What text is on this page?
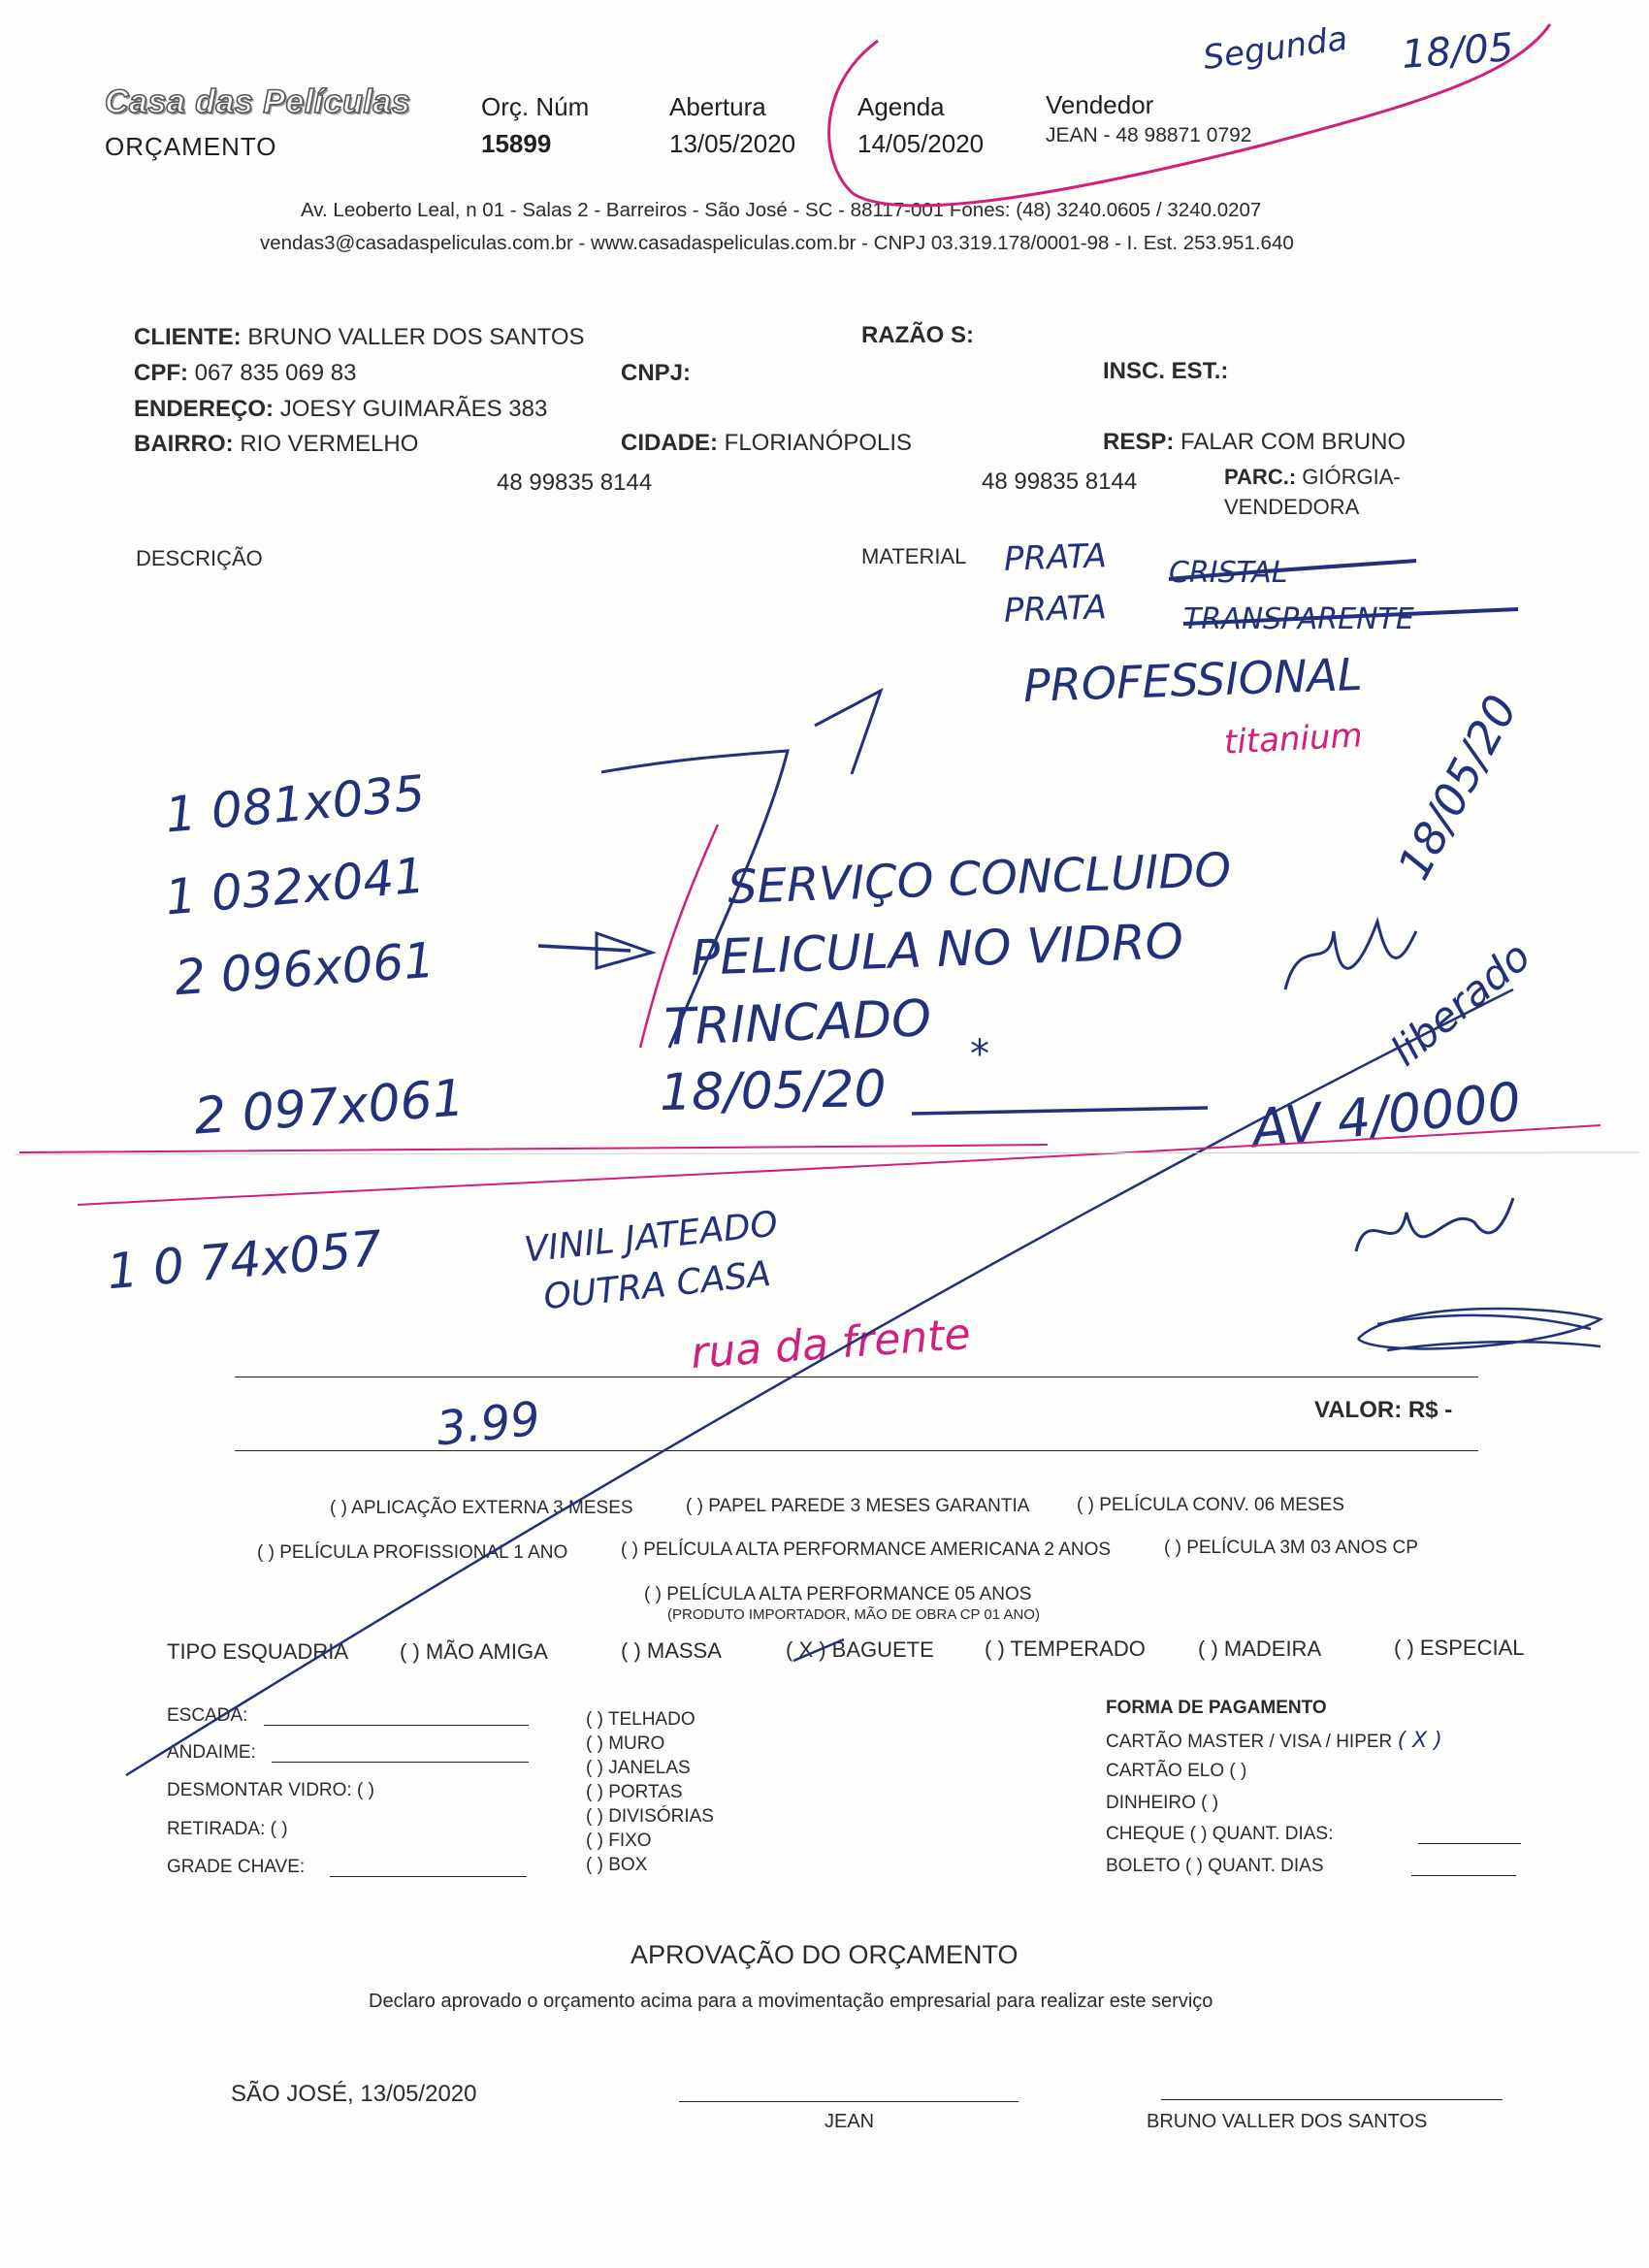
Casa das Películas
ORÇAMENTO
Orç. Núm
15899
Abertura
13/05/2020
Agenda
14/05/2020
Vendedor
JEAN - 48 98871 0792
Av. Leoberto Leal, n 01 - Salas 2 - Barreiros - São José - SC - 88117-001 Fones: (48) 3240.0605 / 3240.0207
vendas3@casadaspeliculas.com.br - www.casadaspeliculas.com.br - CNPJ 03.319.178/0001-98 - I. Est. 253.951.640
CLIENTE: BRUNO VALLER DOS SANTOS	RAZÃO S:
CPF: 067 835 069 83	CNPJ:	INSC. EST.:
ENDEREÇO: JOESY GUIMARÃES 383
BAIRRO: RIO VERMELHO	CIDADE: FLORIANÓPOLIS	RESP: FALAR COM BRUNO
48 99835 8144	48 99835 8144	PARC.: GIÓRGIA-
VENDEDORA
DESCRIÇÃO	MATERIAL
Segunda 18/05
PRATA
PRATA
PROFESSIONAL
titanium
1 081x035
1 032x041
2 096x061
2 097x061
1 0 74x057
SERVIÇO CONCLUIDO
PELICULA NO VIDRO
TRINCADO
18/05/20
VINIL JATEADO
OUTRA CASA
rua da frente
18/05/20
liberado
AV 4/0000
3.99	VALOR: R$ -
( ) APLICAÇÃO EXTERNA 3 MESES	( ) PAPEL PAREDE 3 MESES GARANTIA	( ) PELÍCULA CONV. 06 MESES
( ) PELÍCULA PROFISSIONAL 1 ANO	( ) PELÍCULA ALTA PERFORMANCE AMERICANA 2 ANOS	( ) PELÍCULA 3M 03 ANOS CP
( ) PELÍCULA ALTA PERFORMANCE 05 ANOS
(PRODUTO IMPORTADOR, MÃO DE OBRA CP 01 ANO)
TIPO ESQUADRIA ( ) MÃO AMIGA	( ) MASSA	( X ) BAGUETE ( ) TEMPERADO ( ) MADEIRA	( ) ESPECIAL
ESCADA:
ANDAIME:
DESMONTAR VIDRO: ( )
RETIRADA: ( )
GRADE CHAVE:
( ) TELHADO
( ) MURO
( ) JANELAS
( ) PORTAS
( ) DIVISÓRIAS
( ) FIXO
( ) BOX
FORMA DE PAGAMENTO
CARTÃO MASTER / VISA / HIPER ( X )
CARTÃO ELO ( )
DINHEIRO ( )
CHEQUE ( ) QUANT. DIAS:
BOLETO ( ) QUANT. DIAS
APROVAÇÃO DO ORÇAMENTO
Declaro aprovado o orçamento acima para a movimentação empresarial para realizar este serviço
SÃO JOSÉ, 13/05/2020
JEAN	BRUNO VALLER DOS SANTOS
CRISTAL
TRANSPARENTE
*
